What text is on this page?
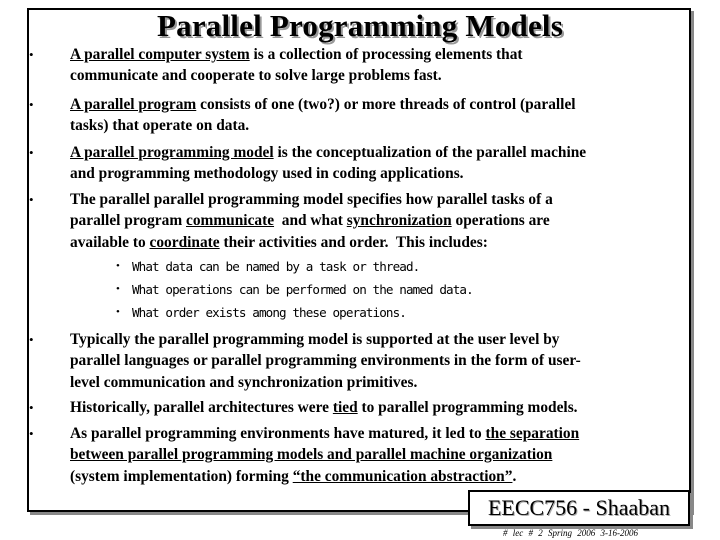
Parallel Programming Models
• A parallel computer system is a collection of processing elements that
communicate and cooperate to solve large problems fast.
• A parallel program consists of one (two?) or more threads of control (parallel
tasks) that operate on data.
• A parallel programming model is the conceptualization of the parallel machine
and programming methodology used in coding applications.
• The parallel parallel programming model specifies how parallel tasks of a
parallel program communicate  and what synchronization operations are
available to coordinate their activities and order.  This includes:
• What data can be named by a task or thread.
• What operations can be performed on the named data.
• What order exists among these operations.
• Typically the parallel programming model is supported at the user level by
parallel languages or parallel programming environments in the form of user-
level communication and synchronization primitives.
• Historically, parallel architectures were tied to parallel programming models.
• As parallel programming environments have matured, it led to the separation
between parallel programming models and parallel machine organization
(system implementation) forming “the communication abstraction”.
EECC756 - Shaaban
# lec # 2 Spring 2006 3-16-2006
